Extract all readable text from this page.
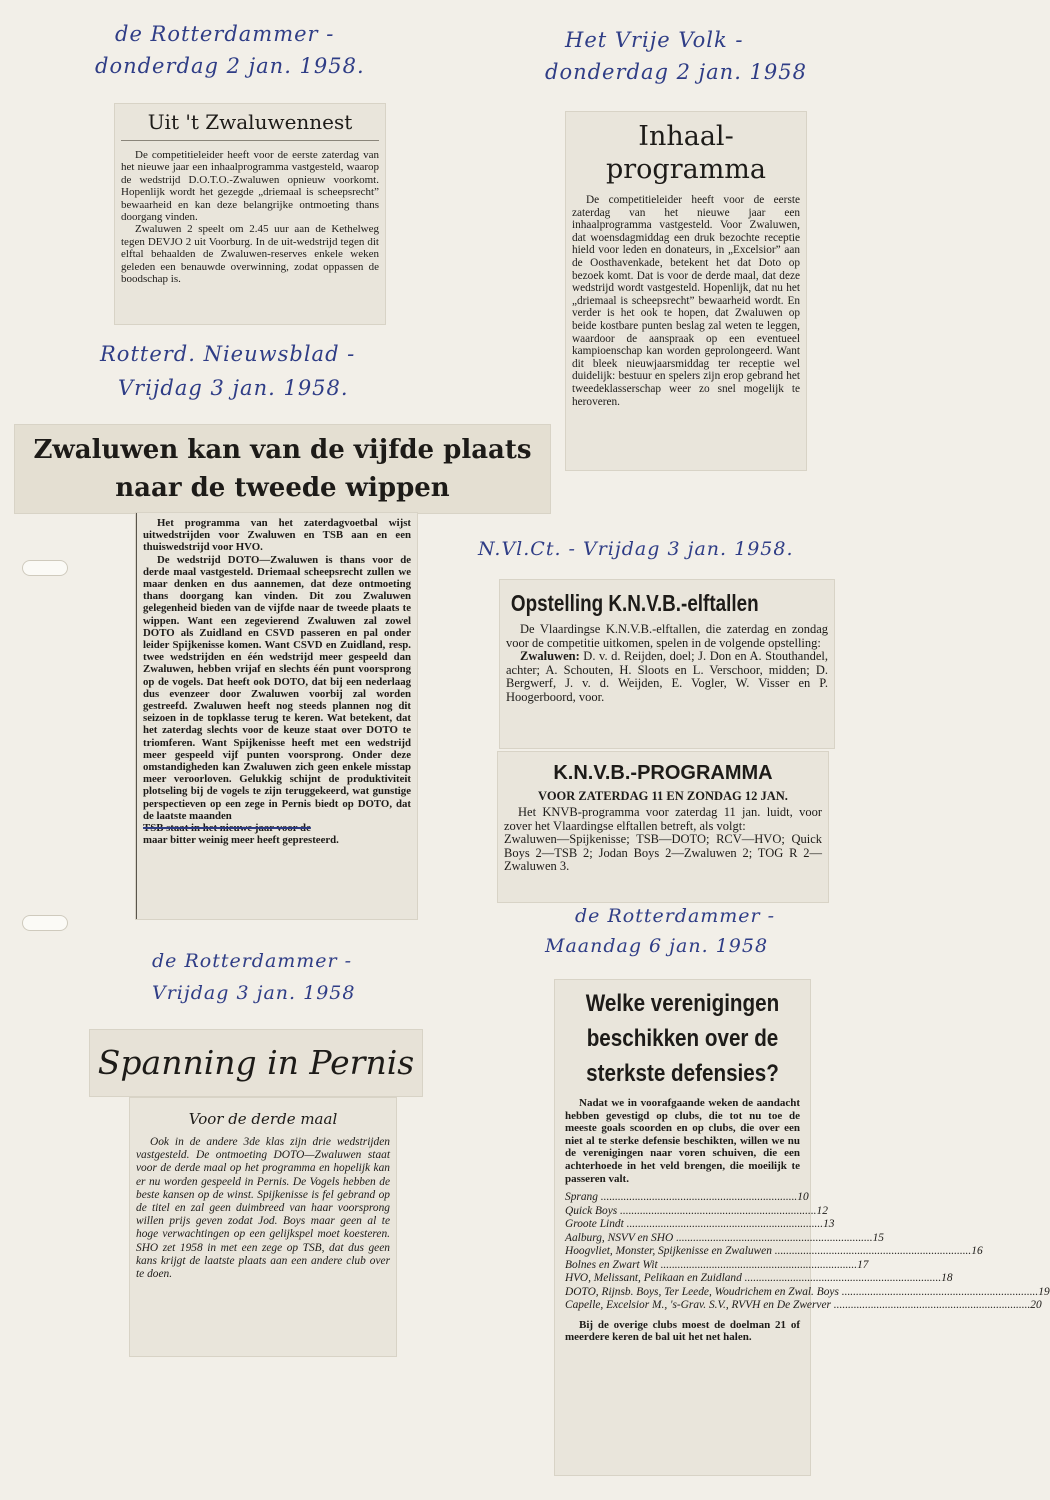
de Rotterdammer -
donderdag 2 jan. 1958.
Het Vrije Volk -
donderdag 2 jan. 1958
Rotterd. Nieuwsblad -
Vrijdag 3 jan. 1958.
N.Vl.Ct. - Vrijdag 3 jan. 1958.
de Rotterdammer -
Maandag 6 jan. 1958
de Rotterdammer -
Vrijdag 3 jan. 1958
Uit 't Zwaluwennest

De competitieleider heeft voor de eerste zaterdag van het nieuwe jaar een inhaalprogramma vastgesteld, waarop de wedstrijd D.O.T.O.-Zwaluwen opnieuw voorkomt. Hopenlijk wordt het gezegde „driemaal is scheepsrecht” bewaarheid en kan deze belangrijke ontmoeting thans doorgang vinden.

Zwaluwen 2 speelt om 2.45 uur aan de Kethelweg tegen DEVJO 2 uit Voorburg. In de uit-wedstrijd tegen dit elftal behaalden de Zwaluwen-reserves enkele weken geleden een benauwde overwinning, zodat oppassen de boodschap is.

Inhaal-
programma

De competitieleider heeft voor de eerste zaterdag van het nieuwe jaar een inhaalprogramma vastgesteld. Voor Zwaluwen, dat woensdagmiddag een druk bezochte receptie hield voor leden en donateurs, in „Excelsior” aan de Oosthavenkade, betekent het dat Doto op bezoek komt. Dat is voor de derde maal, dat deze wedstrijd wordt vastgesteld. Hopenlijk, dat nu het „driemaal is scheepsrecht” bewaarheid wordt. En verder is het ook te hopen, dat Zwaluwen op beide kostbare punten beslag zal weten te leggen, waardoor de aanspraak op een eventueel kampioenschap kan worden geprolongeerd. Want dit bleek nieuwjaarsmiddag ter receptie wel duidelijk: bestuur en spelers zijn erop gebrand het tweedeklasserschap weer zo snel mogelijk te heroveren.

Zwaluwen kan van de vijfde plaats
naar de tweede wippen

Het programma van het zaterdagvoetbal wijst uitwedstrijden voor Zwaluwen en TSB aan en een thuiswedstrijd voor HVO.

De wedstrijd DOTO—Zwaluwen is thans voor de derde maal vastgesteld. Driemaal scheepsrecht zullen we maar denken en dus aannemen, dat deze ontmoeting thans doorgang kan vinden. Dit zou Zwaluwen gelegenheid bieden van de vijfde naar de tweede plaats te wippen. Want een zegevierend Zwaluwen zal zowel DOTO als Zuidland en CSVD passeren en pal onder leider Spijkenisse komen. Want CSVD en Zuidland, resp. twee wedstrijden en één wedstrijd meer gespeeld dan Zwaluwen, hebben vrijaf en slechts één punt voorsprong op de vogels. Dat heeft ook DOTO, dat bij een nederlaag dus evenzeer door Zwaluwen voorbij zal worden gestreefd. Zwaluwen heeft nog steeds plannen nog dit seizoen in de topklasse terug te keren. Wat betekent, dat het zaterdag slechts voor de keuze staat over DOTO te triomferen. Want Spijkenisse heeft met een wedstrijd meer gespeeld vijf punten voorsprong. Onder deze omstandigheden kan Zwaluwen zich geen enkele misstap meer veroorloven. Gelukkig schijnt de produktiviteit plotseling bij de vogels te zijn teruggekeerd, wat gunstige perspectieven op een zege in Pernis biedt op DOTO, dat de laatste maanden

TSB staat in het nieuwe jaar voor de

maar bitter weinig meer heeft gepresteerd.

Opstelling K.N.V.B.-elftallen

De Vlaardingse K.N.V.B.-elftallen, die zaterdag en zondag voor de competitie uitkomen, spelen in de volgende opstelling:

Zwaluwen: D. v. d. Reijden, doel; J. Don en A. Stouthandel, achter; A. Schouten, H. Sloots en L. Verschoor, midden; D. Bergwerf, J. v. d. Weijden, E. Vogler, W. Visser en P. Hoogerboord, voor.

K.N.V.B.-PROGRAMMA
VOOR ZATERDAG 11 EN ZONDAG 12 JAN.

Het KNVB-programma voor zaterdag 11 jan. luidt, voor zover het Vlaardingse elftallen betreft, als volgt:

Zwaluwen—Spijkenisse; TSB—DOTO; RCV—HVO; Quick Boys 2—TSB 2; Jodan Boys 2—Zwaluwen 2; TOG R 2—Zwaluwen 3.

Spanning in Pernis
Voor de derde maal

Ook in de andere 3de klas zijn drie wedstrijden vastgesteld. De ontmoeting DOTO—Zwaluwen staat voor de derde maal op het programma en hopelijk kan er nu worden gespeeld in Pernis. De Vogels hebben de beste kansen op de winst. Spijkenisse is fel gebrand op de titel en zal geen duimbreed van haar voorsprong willen prijs geven zodat Jod. Boys maar geen al te hoge verwachtingen op een gelijkspel moet koesteren. SHO zet 1958 in met een zege op TSB, dat dus geen kans krijgt de laatste plaats aan een andere club over te doen.

Welke verenigingen
beschikken over de
sterkste defensies?

Nadat we in voorafgaande weken de aandacht hebben gevestigd op clubs, die tot nu toe de meeste goals scoorden en op clubs, die over een niet al te sterke defensie beschikten, willen we nu de verenigingen naar voren schuiven, die een achterhoede in het veld brengen, die moeilijk te passeren valt.

Sprang .....	10
Quick Boys .....	12
Groote Lindt .....	13
Aalburg, NSVV en SHO .....	15
Hoogvliet, Monster, Spijkenisse en Zwaluwen .....	16
Bolnes en Zwart Wit .....	17
HVO, Melissant, Pelikaan en Zuidland .....	18
DOTO, Rijnsb. Boys, Ter Leede, Woudrichem en Zwal. Boys .....	19
Capelle, Excelsior M., 's-Grav. S.V., RVVH en De Zwerver .....	20

Bij de overige clubs moest de doelman 21 of meerdere keren de bal uit het net halen.
